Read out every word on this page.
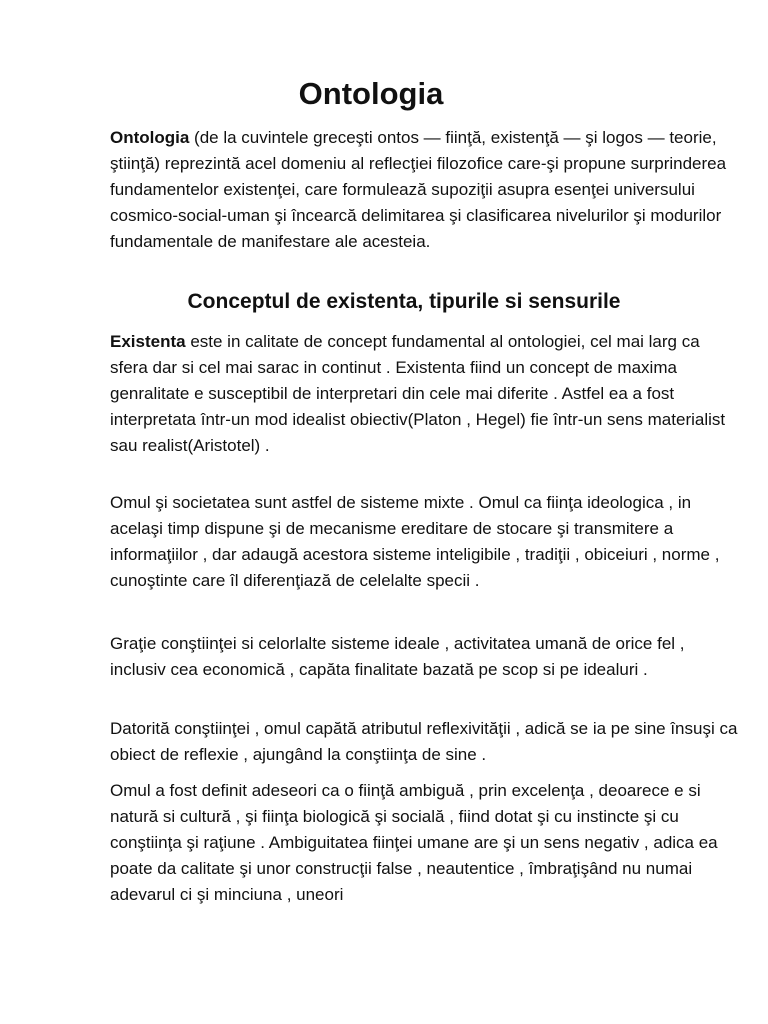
Ontologia

Ontologia (de la cuvintele greceşti ontos — fiinţă, existenţă — şi logos — teorie, ştiinţă) reprezintă acel domeniu al reflecţiei filozofice care-şi propune surprinderea fundamentelor existenţei, care formulează supoziţii asupra esenţei universului cosmico-social-uman şi încearcă delimitarea şi clasificarea nivelurilor şi modurilor fundamentale de manifestare ale acesteia.

Conceptul de existenta, tipurile si sensurile

Existenta este in calitate de concept fundamental al ontologiei, cel mai larg ca sfera dar si cel mai sarac in continut . Existenta fiind un concept de maxima genralitate e susceptibil de interpretari din cele mai diferite . Astfel ea a fost interpretata într-un mod idealist obiectiv(Platon , Hegel) fie într-un sens materialist sau realist(Aristotel) .

Omul şi societatea sunt astfel de sisteme mixte . Omul ca fiinţa ideologica , in acelaşi timp dispune şi de mecanisme ereditare de stocare şi transmitere a informaţiilor , dar adaugă acestora sisteme inteligibile , tradiţii , obiceiuri , norme , cunoştinte care îl diferenţiază de celelalte specii .

Graţie conştiinţei si celorlalte sisteme ideale , activitatea umană de orice fel , inclusiv cea economică , capăta finalitate bazată pe scop si pe idealuri .

Datorită conştiinţei , omul capătă atributul reflexivităţii , adică se ia pe sine însuşi ca obiect de reflexie , ajungând la conştiinţa de sine .

Omul a fost definit adeseori ca o fiinţă ambiguă , prin excelenţa , deoarece e si natură si cultură , şi fiinţa biologică şi socială , fiind dotat şi cu instincte şi cu conştiinţa şi raţiune . Ambiguitatea fiinţei umane are şi un sens negativ , adica ea poate da calitate şi unor construcţii false , neautentice , îmbraţişând nu numai adevarul ci şi minciuna , uneori
